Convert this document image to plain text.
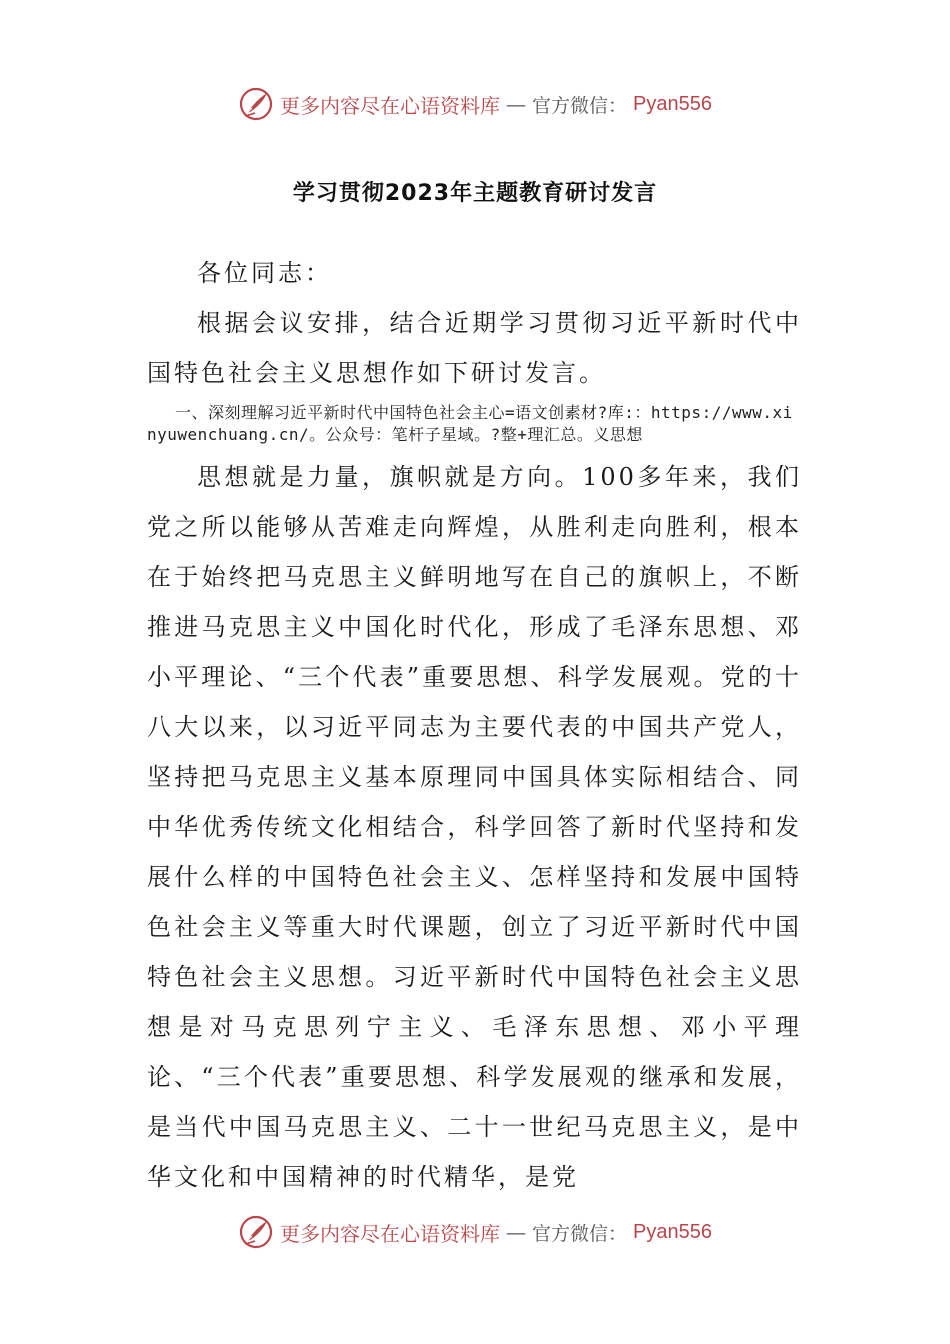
更多内容尽在心语资料库 — 官方微信： Pyan556
学习贯彻2023年主题教育研讨发言

各位同志：

根据会议安排，结合近期学习贯彻习近平新时代中国特色社会主义思想作如下研讨发言。

一、深刻理解习近平新时代中国特色社会主心=语文创素材?库:：https://www.xinyuwenchuang.cn/。公众号：笔杆子星域。?整+理汇总。义思想

思想就是力量，旗帜就是方向。100多年来，我们党之所以能够从苦难走向辉煌，从胜利走向胜利，根本在于始终把马克思主义鲜明地写在自己的旗帜上，不断推进马克思主义中国化时代化，形成了毛泽东思想、邓小平理论、“三个代表”重要思想、科学发展观。党的十八大以来，以习近平同志为主要代表的中国共产党人，坚持把马克思主义基本原理同中国具体实际相结合、同中华优秀传统文化相结合，科学回答了新时代坚持和发展什么样的中国特色社会主义、怎样坚持和发展中国特色社会主义等重大时代课题，创立了习近平新时代中国特色社会主义思想。习近平新时代中国特色社会主义思想是对马克思列宁主义、毛泽东思想、邓小平理论、“三个代表”重要思想、科学发展观的继承和发展，是当代中国马克思主义、二十一世纪马克思主义，是中华文化和中国精神的时代精华，是党

更多内容尽在心语资料库 — 官方微信： Pyan556
